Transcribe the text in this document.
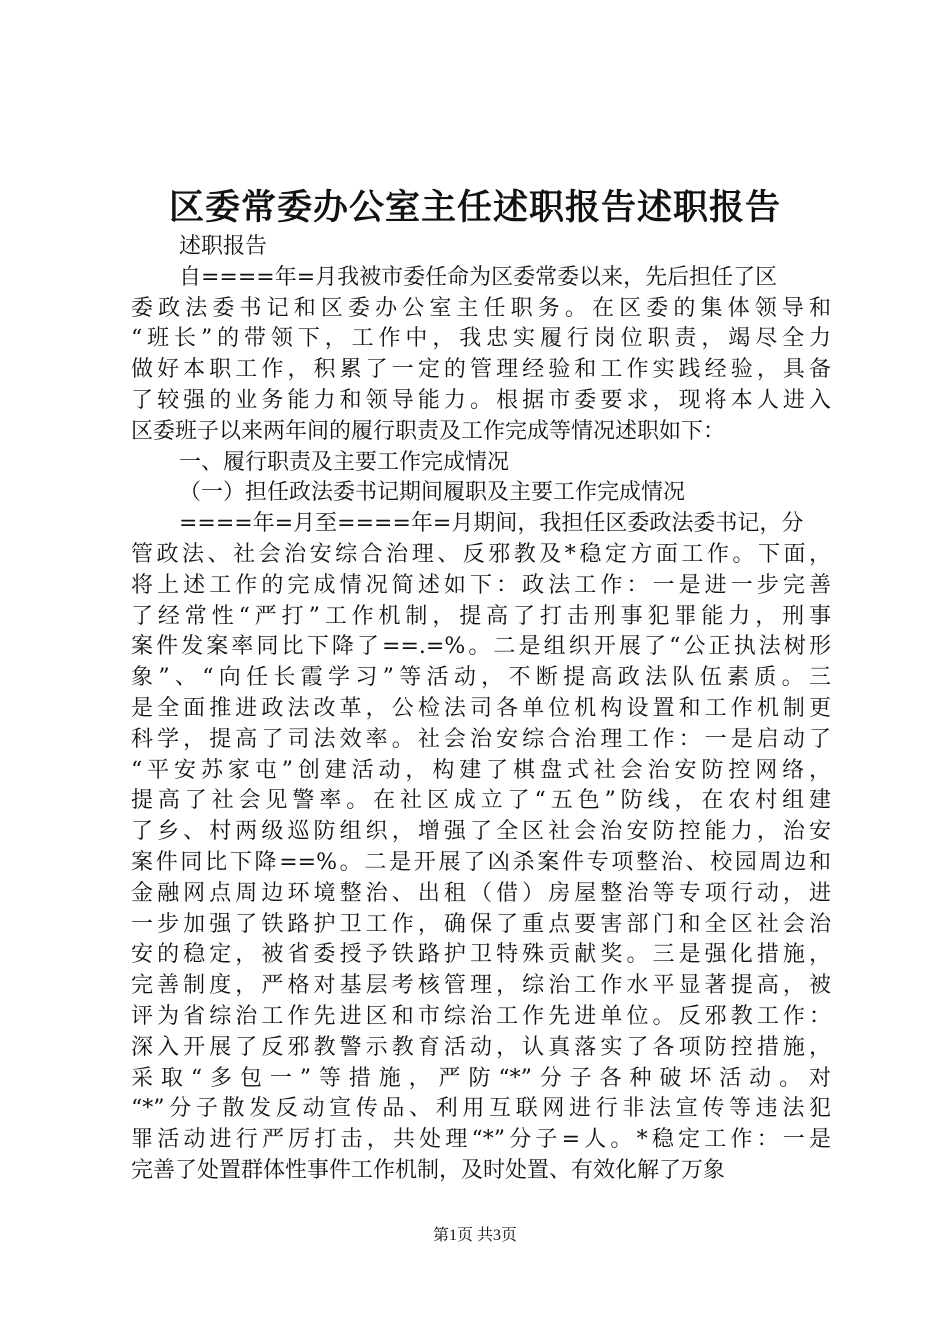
区委常委办公室主任述职报告述职报告
述职报告
自====年=月我被市委任命为区委常委以来，先后担任了区
委政法委书记和区委办公室主任职务。在区委的集体领导和
“班长”的带领下，工作中，我忠实履行岗位职责，竭尽全力
做好本职工作，积累了一定的管理经验和工作实践经验，具备
了较强的业务能力和领导能力。根据市委要求，现将本人进入
区委班子以来两年间的履行职责及工作完成等情况述职如下：
一、履行职责及主要工作完成情况
（一）担任政法委书记期间履职及主要工作完成情况
====年=月至====年=月期间，我担任区委政法委书记，分
管政法、社会治安综合治理、反邪教及*稳定方面工作。下面，
将上述工作的完成情况简述如下：政法工作：一是进一步完善
了经常性“严打”工作机制，提高了打击刑事犯罪能力，刑事
案件发案率同比下降了==.=%。二是组织开展了“公正执法树形
象”、“向任长霞学习”等活动，不断提高政法队伍素质。三
是全面推进政法改革，公检法司各单位机构设置和工作机制更
科学，提高了司法效率。社会治安综合治理工作：一是启动了
“平安苏家屯”创建活动，构建了棋盘式社会治安防控网络，
提高了社会见警率。在社区成立了“五色”防线，在农村组建
了乡、村两级巡防组织，增强了全区社会治安防控能力，治安
案件同比下降==%。二是开展了凶杀案件专项整治、校园周边和
金融网点周边环境整治、出租（借）房屋整治等专项行动，进
一步加强了铁路护卫工作，确保了重点要害部门和全区社会治
安的稳定，被省委授予铁路护卫特殊贡献奖。三是强化措施，
完善制度，严格对基层考核管理，综治工作水平显著提高，被
评为省综治工作先进区和市综治工作先进单位。反邪教工作：
深入开展了反邪教警示教育活动，认真落实了各项防控措施，
采取“多包一”等措施，严防“*”分子各种破坏活动。对
“*”分子散发反动宣传品、利用互联网进行非法宣传等违法犯
罪活动进行严厉打击，共处理“*”分子=人。*稳定工作：一是
完善了处置群体性事件工作机制，及时处置、有效化解了万象
第1页 共3页
